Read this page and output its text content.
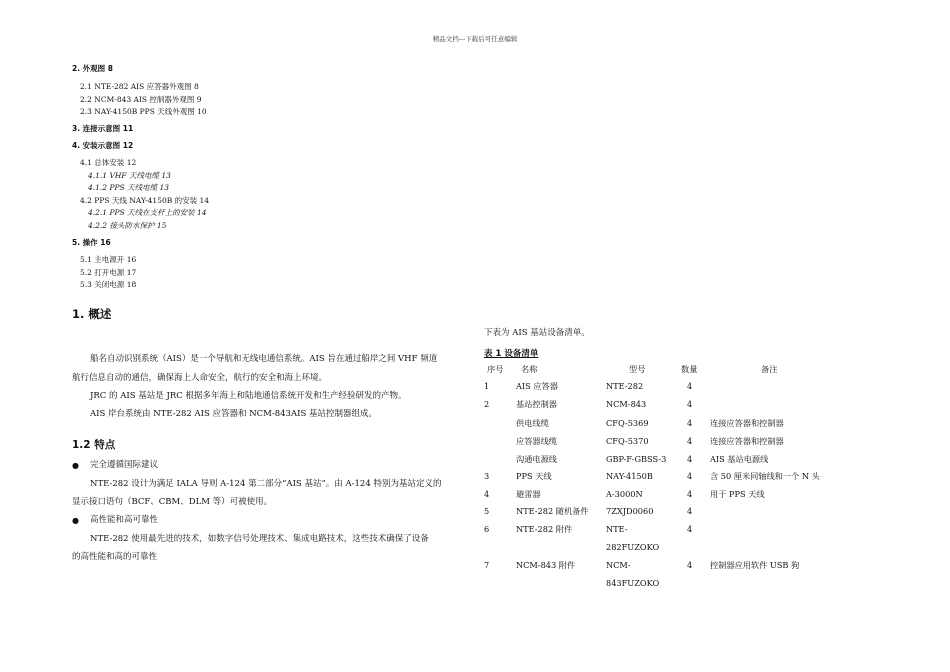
精品文档---下载后可任意编辑
2. 外观图 8
2.1 NTE-282 AIS 应答器外观图 8
2.2 NCM-843 AIS 控制器外观图 9
2.3 NAY-4150B PPS 天线外观图 10
3. 连接示意图 11
4. 安装示意图 12
4.1 总体安装 12
4.1.1 VHF 天线电缆 13
4.1.2 PPS 天线电缆 13
4.2 PPS 天线 NAY-4150B 的安装 14
4.2.1 PPS 天线在支杆上的安装 14
4.2.2 接头防水保护 15
5. 操作 16
5.1 主电源开 16
5.2 打开电源 17
5.3 关闭电源 18
1. 概述
船名自动识别系统（AIS）是一个导航和无线电通信系统。AIS 旨在通过船岸之间 VHF 频道
航行信息自动的通信，确保海上人命安全，航行的安全和海上环境。
JRC 的 AIS 基站是 JRC 根据多年海上和陆地通信系统开发和生产经验研发的产物。
AIS 岸台系统由 NTE-282 AIS 应答器和 NCM-843AIS 基站控制器组成。
1.2 特点
● 完全遵循国际建议
NTE-282 设计为满足 IALA 导则 A-124 第二部分“AIS 基站”。由 A-124 特别为基站定义的
显示接口语句（BCF、CBM、DLM 等）可被使用。
● 高性能和高可靠性
NTE-282 使用最先进的技术，如数字信号处理技术、集成电路技术，这些技术确保了设备
的高性能和高的可靠性
下表为 AIS 基站设备清单。
表 1 设备清单
序号 名称	型号	数量	备注
1	AIS 应答器	NTE-282	4
2	基站控制器	NCM-843	4
供电线缆	CFQ-5369	4 连接应答器和控制器
应答器线缆	CFQ-5370	4 连接应答器和控制器
沟通电源线	GBP-F-GBSS-3	4 AIS 基站电源线
3	PPS 天线	NAY-4150B	4 含 50 厘米同轴线和一个 N 头
4	避雷器	A-3000N	4 用于 PPS 天线
5	NTE-282 随机备件 7ZXJD0060	4
6	NTE-282 附件	NTE-	4
282FUZOKO
7	NCM-843 附件	NCM-	4 控制器应用软件 USB 狗
843FUZOKO
